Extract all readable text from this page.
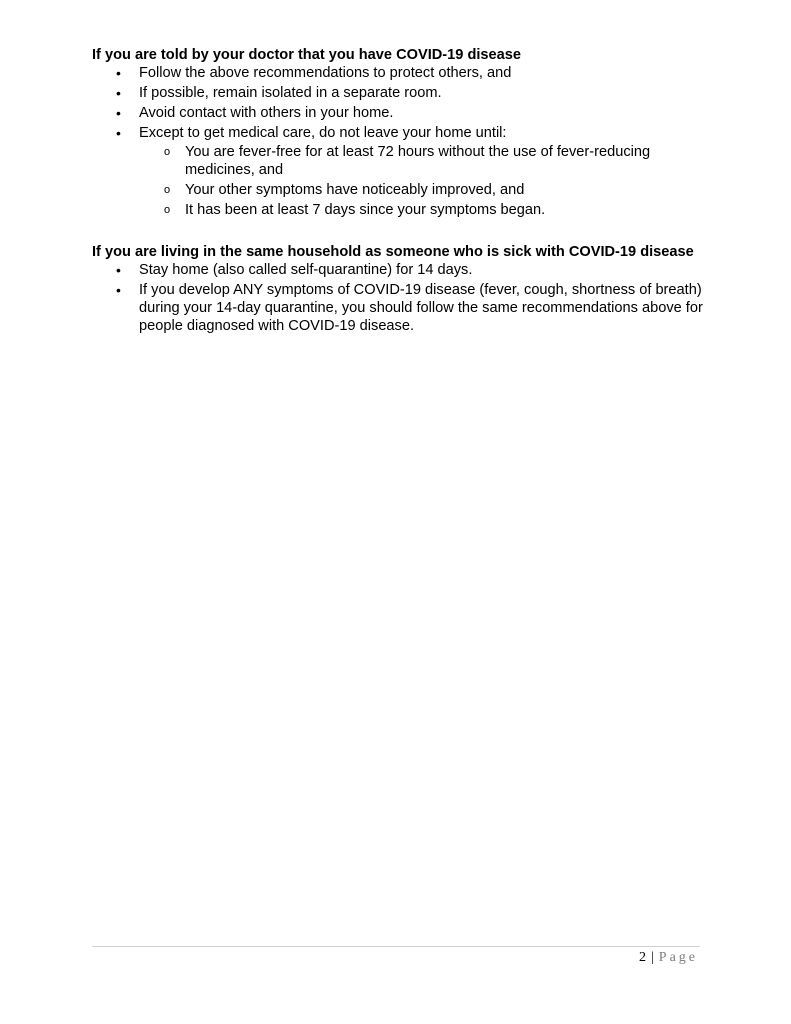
If you are told by your doctor that you have COVID-19 disease

• Follow the above recommendations to protect others, and
• If possible, remain isolated in a separate room.
• Avoid contact with others in your home.
• Except to get medical care, do not leave your home until:
o You are fever-free for at least 72 hours without the use of fever-reducing medicines, and
o Your other symptoms have noticeably improved, and
o It has been at least 7 days since your symptoms began.

If you are living in the same household as someone who is sick with COVID-19 disease

• Stay home (also called self-quarantine) for 14 days.
• If you develop ANY symptoms of COVID-19 disease (fever, cough, shortness of breath) during your 14-day quarantine, you should follow the same recommendations above for people diagnosed with COVID-19 disease.
2 | Page
